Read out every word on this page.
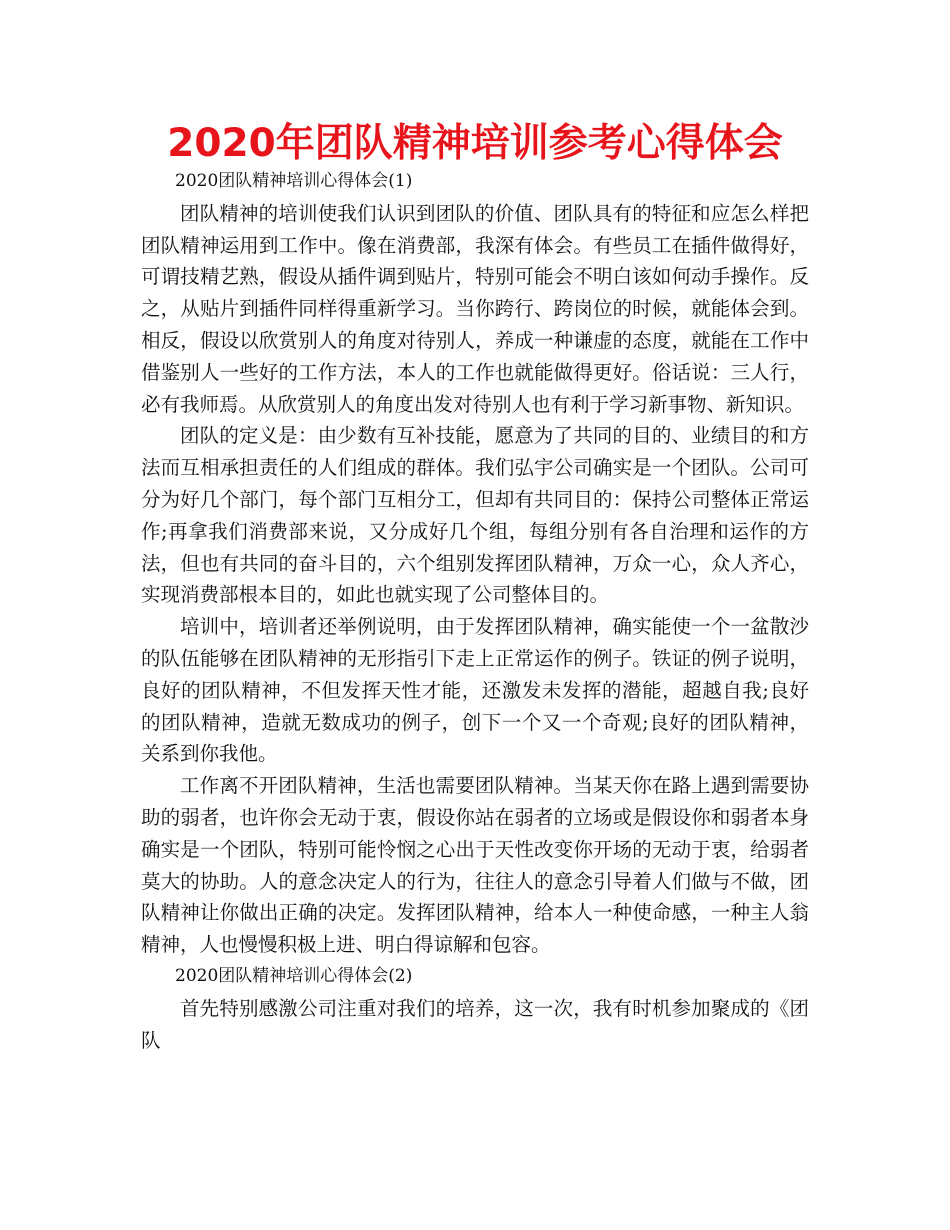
2020年团队精神培训参考心得体会

2020团队精神培训心得体会(1)

团队精神的培训使我们认识到团队的价值、团队具有的特征和应怎么样把团队精神运用到工作中。像在消费部，我深有体会。有些员工在插件做得好，可谓技精艺熟，假设从插件调到贴片，特别可能会不明白该如何动手操作。反之，从贴片到插件同样得重新学习。当你跨行、跨岗位的时候，就能体会到。相反，假设以欣赏别人的角度对待别人，养成一种谦虚的态度，就能在工作中借鉴别人一些好的工作方法，本人的工作也就能做得更好。俗话说：三人行，必有我师焉。从欣赏别人的角度出发对待别人也有利于学习新事物、新知识。

团队的定义是：由少数有互补技能，愿意为了共同的目的、业绩目的和方法而互相承担责任的人们组成的群体。我们弘宇公司确实是一个团队。公司可分为好几个部门，每个部门互相分工，但却有共同目的：保持公司整体正常运作;再拿我们消费部来说，又分成好几个组，每组分别有各自治理和运作的方法，但也有共同的奋斗目的，六个组别发挥团队精神，万众一心，众人齐心，实现消费部根本目的，如此也就实现了公司整体目的。

培训中，培训者还举例说明，由于发挥团队精神，确实能使一个一盆散沙的队伍能够在团队精神的无形指引下走上正常运作的例子。铁证的例子说明，良好的团队精神，不但发挥天性才能，还激发未发挥的潜能，超越自我;良好的团队精神，造就无数成功的例子，创下一个又一个奇观;良好的团队精神，关系到你我他。

工作离不开团队精神，生活也需要团队精神。当某天你在路上遇到需要协助的弱者，也许你会无动于衷，假设你站在弱者的立场或是假设你和弱者本身确实是一个团队，特别可能怜悯之心出于天性改变你开场的无动于衷，给弱者莫大的协助。人的意念决定人的行为，往往人的意念引导着人们做与不做，团队精神让你做出正确的决定。发挥团队精神，给本人一种使命感，一种主人翁精神，人也慢慢积极上进、明白得谅解和包容。

2020团队精神培训心得体会(2)

首先特别感激公司注重对我们的培养，这一次，我有时机参加聚成的《团队
